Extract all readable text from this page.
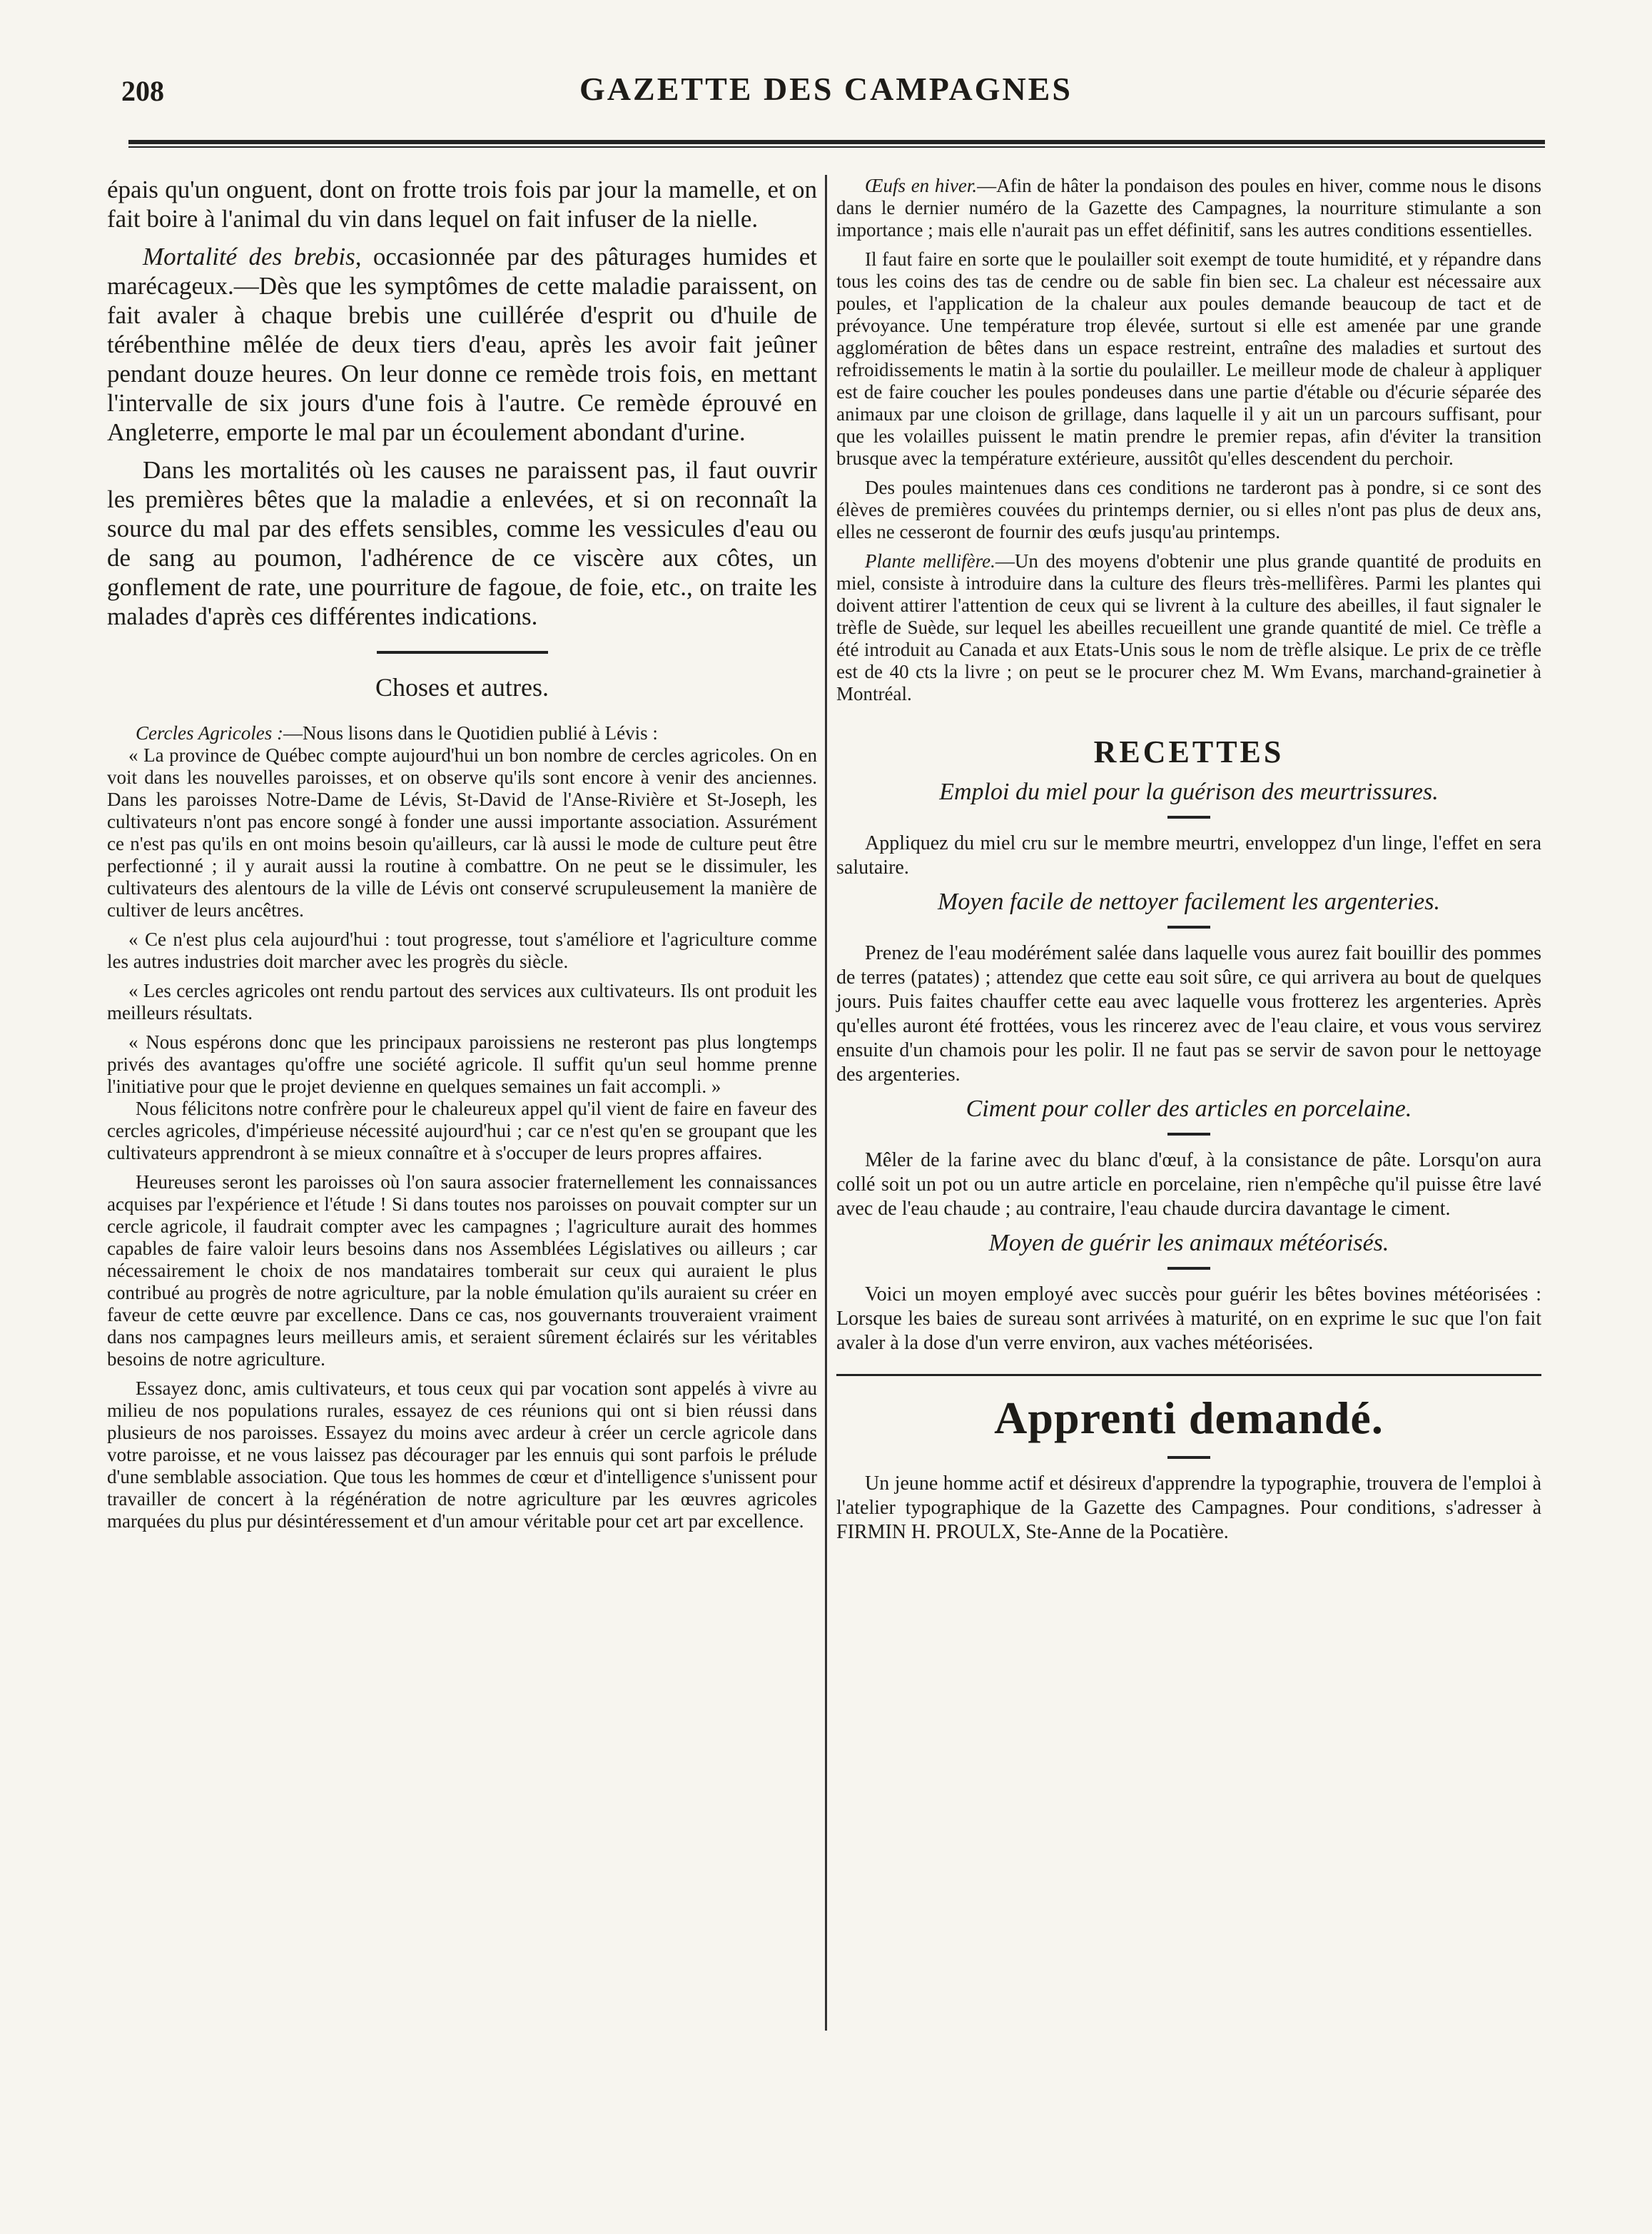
208	GAZETTE DES CAMPAGNES

épais qu'un onguent, dont on frotte trois fois par jour la mamelle, et on fait boire à l'animal du vin dans lequel on fait infuser de la nielle.

Mortalité des brebis, occasionnée par des pâturages humides et marécageux.—Dès que les symptômes de cette maladie paraissent, on fait avaler à chaque brebis une cuillérée d'esprit ou d'huile de térébenthine mêlée de deux tiers d'eau, après les avoir fait jeûner pendant douze heures. On leur donne ce remède trois fois, en mettant l'intervalle de six jours d'une fois à l'autre. Ce remède éprouvé en Angleterre, emporte le mal par un écoulement abondant d'urine.

Dans les mortalités où les causes ne paraissent pas, il faut ouvrir les premières bêtes que la maladie a enlevées, et si on reconnaît la source du mal par des effets sensibles, comme les vessicules d'eau ou de sang au poumon, l'adhérence de ce viscère aux côtes, un gonflement de rate, une pourriture de fagoue, de foie, etc., on traite les malades d'après ces différentes indications.

Choses et autres.

Cercles Agricoles :—Nous lisons dans le Quotidien publié à Lévis :

« La province de Québec compte aujourd'hui un bon nombre de cercles agricoles. On en voit dans les nouvelles paroisses, et on observe qu'ils sont encore à venir des anciennes. Dans les paroisses Notre-Dame de Lévis, St-David de l'Anse-Rivière et St-Joseph, les cultivateurs n'ont pas encore songé à fonder une aussi importante association. Assurément ce n'est pas qu'ils en ont moins besoin qu'ailleurs, car là aussi le mode de culture peut être perfectionné ; il y aurait aussi la routine à combattre. On ne peut se le dissimuler, les cultivateurs des alentours de la ville de Lévis ont conservé scrupuleusement la manière de cultiver de leurs ancêtres.

« Ce n'est plus cela aujourd'hui : tout progresse, tout s'améliore et l'agriculture comme les autres industries doit marcher avec les progrès du siècle.

« Les cercles agricoles ont rendu partout des services aux cultivateurs. Ils ont produit les meilleurs résultats.

« Nous espérons donc que les principaux paroissiens ne resteront pas plus longtemps privés des avantages qu'offre une société agricole. Il suffit qu'un seul homme prenne l'initiative pour que le projet devienne en quelques semaines un fait accompli. »

Nous félicitons notre confrère pour le chaleureux appel qu'il vient de faire en faveur des cercles agricoles, d'impérieuse nécessité aujourd'hui ; car ce n'est qu'en se groupant que les cultivateurs apprendront à se mieux connaître et à s'occuper de leurs propres affaires.

Heureuses seront les paroisses où l'on saura associer fraternellement les connaissances acquises par l'expérience et l'étude ! Si dans toutes nos paroisses on pouvait compter sur un cercle agricole, il faudrait compter avec les campagnes ; l'agriculture aurait des hommes capables de faire valoir leurs besoins dans nos Assemblées Législatives ou ailleurs ; car nécessairement le choix de nos mandataires tomberait sur ceux qui auraient le plus contribué au progrès de notre agriculture, par la noble émulation qu'ils auraient su créer en faveur de cette œuvre par excellence. Dans ce cas, nos gouvernants trouveraient vraiment dans nos campagnes leurs meilleurs amis, et seraient sûrement éclairés sur les véritables besoins de notre agriculture.

Essayez donc, amis cultivateurs, et tous ceux qui par vocation sont appelés à vivre au milieu de nos populations rurales, essayez de ces réunions qui ont si bien réussi dans plusieurs de nos paroisses. Essayez du moins avec ardeur à créer un cercle agricole dans votre paroisse, et ne vous laissez pas décourager par les ennuis qui sont parfois le prélude d'une semblable association. Que tous les hommes de cœur et d'intelligence s'unissent pour travailler de concert à la régénération de notre agriculture par les œuvres agricoles marquées du plus pur désintéressement et d'un amour véritable pour cet art par excellence.

Œufs en hiver.—Afin de hâter la pondaison des poules en hiver, comme nous le disons dans le dernier numéro de la Gazette des Campagnes, la nourriture stimulante a son importance ; mais elle n'aurait pas un effet définitif, sans les autres conditions essentielles.

Il faut faire en sorte que le poulailler soit exempt de toute humidité, et y répandre dans tous les coins des tas de cendre ou de sable fin bien sec. La chaleur est nécessaire aux poules, et l'application de la chaleur aux poules demande beaucoup de tact et de prévoyance. Une température trop élevée, surtout si elle est amenée par une grande agglomération de bêtes dans un espace restreint, entraîne des maladies et surtout des refroidissements le matin à la sortie du poulailler. Le meilleur mode de chaleur à appliquer est de faire coucher les poules pondeuses dans une partie d'étable ou d'écurie séparée des animaux par une cloison de grillage, dans laquelle il y ait un un parcours suffisant, pour que les volailles puissent le matin prendre le premier repas, afin d'éviter la transition brusque avec la température extérieure, aussitôt qu'elles descendent du perchoir.

Des poules maintenues dans ces conditions ne tarderont pas à pondre, si ce sont des élèves de premières couvées du printemps dernier, ou si elles n'ont pas plus de deux ans, elles ne cesseront de fournir des œufs jusqu'au printemps.

Plante mellifère.—Un des moyens d'obtenir une plus grande quantité de produits en miel, consiste à introduire dans la culture des fleurs très-mellifères. Parmi les plantes qui doivent attirer l'attention de ceux qui se livrent à la culture des abeilles, il faut signaler le trèfle de Suède, sur lequel les abeilles recueillent une grande quantité de miel. Ce trèfle a été introduit au Canada et aux Etats-Unis sous le nom de trèfle alsique. Le prix de ce trèfle est de 40 cts la livre ; on peut se le procurer chez M. Wm Evans, marchand-grainetier à Montréal.

RECETTES
Emploi du miel pour la guérison des meurtrissures.

Appliquez du miel cru sur le membre meurtri, enveloppez d'un linge, l'effet en sera salutaire.

Moyen facile de nettoyer facilement les argenteries.

Prenez de l'eau modérément salée dans laquelle vous aurez fait bouillir des pommes de terres (patates) ; attendez que cette eau soit sûre, ce qui arrivera au bout de quelques jours. Puis faites chauffer cette eau avec laquelle vous frotterez les argenteries. Après qu'elles auront été frottées, vous les rincerez avec de l'eau claire, et vous vous servirez ensuite d'un chamois pour les polir. Il ne faut pas se servir de savon pour le nettoyage des argenteries.

Ciment pour coller des articles en porcelaine.

Mêler de la farine avec du blanc d'œuf, à la consistance de pâte. Lorsqu'on aura collé soit un pot ou un autre article en porcelaine, rien n'empêche qu'il puisse être lavé avec de l'eau chaude ; au contraire, l'eau chaude durcira davantage le ciment.

Moyen de guérir les animaux météorisés.

Voici un moyen employé avec succès pour guérir les bêtes bovines météorisées : Lorsque les baies de sureau sont arrivées à maturité, on en exprime le suc que l'on fait avaler à la dose d'un verre environ, aux vaches météorisées.

Apprenti demandé.

Un jeune homme actif et désireux d'apprendre la typographie, trouvera de l'emploi à l'atelier typographique de la Gazette des Campagnes. Pour conditions, s'adresser à FIRMIN H. PROULX, Ste-Anne de la Pocatière.
